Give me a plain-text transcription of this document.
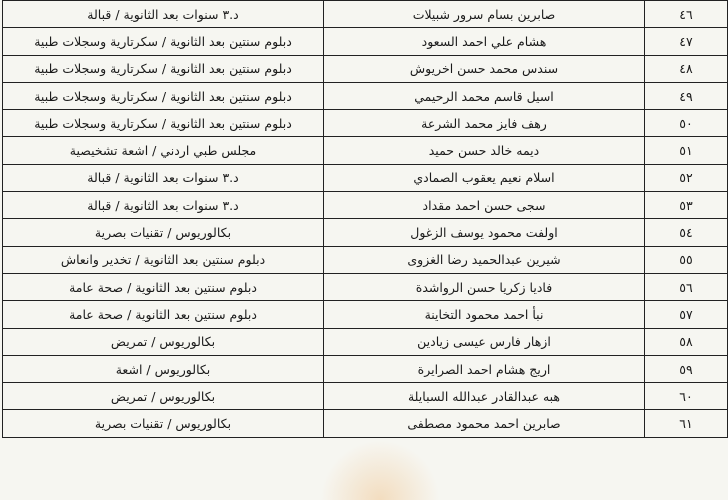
٤٦	صابرين بسام سرور شبيلات	د.٣ سنوات بعد الثانوية / قبالة
٤٧	هشام علي احمد السعود	دبلوم سنتين بعد الثانوية / سكرتارية وسجلات طبية
٤٨	سندس محمد حسن اخريوش	دبلوم سنتين بعد الثانوية / سكرتارية وسجلات طبية
٤٩	اسيل قاسم محمد الرحيمي	دبلوم سنتين بعد الثانوية / سكرتارية وسجلات طبية
٥٠	رهف فايز محمد الشرعة	دبلوم سنتين بعد الثانوية / سكرتارية وسجلات طبية
٥١	ديمه خالد حسن حميد	مجلس طبي اردني / اشعة تشخيصية
٥٢	اسلام نعيم يعقوب الصمادي	د.٣ سنوات بعد الثانوية / قبالة
٥٣	سجى حسن احمد مقداد	د.٣ سنوات بعد الثانوية / قبالة
٥٤	اولفت محمود يوسف الزغول	بكالوريوس / تقنيات بصرية
٥٥	شيرين عبدالحميد رضا الغزوى	دبلوم سنتين بعد الثانوية / تخدير وانعاش
٥٦	فاديا زكريا حسن الرواشدة	دبلوم سنتين بعد الثانوية / صحة عامة
٥٧	نبأ احمد محمود التخاينة	دبلوم سنتين بعد الثانوية / صحة عامة
٥٨	ازهار فارس عيسى زيادين	بكالوريوس / تمريض
٥٩	اريج هشام احمد الصرايرة	بكالوريوس / اشعة
٦٠	هبه عبدالقادر عبدالله السبايلة	بكالوريوس / تمريض
٦١	صابرين احمد محمود مصطفى	بكالوريوس / تقنيات بصرية
